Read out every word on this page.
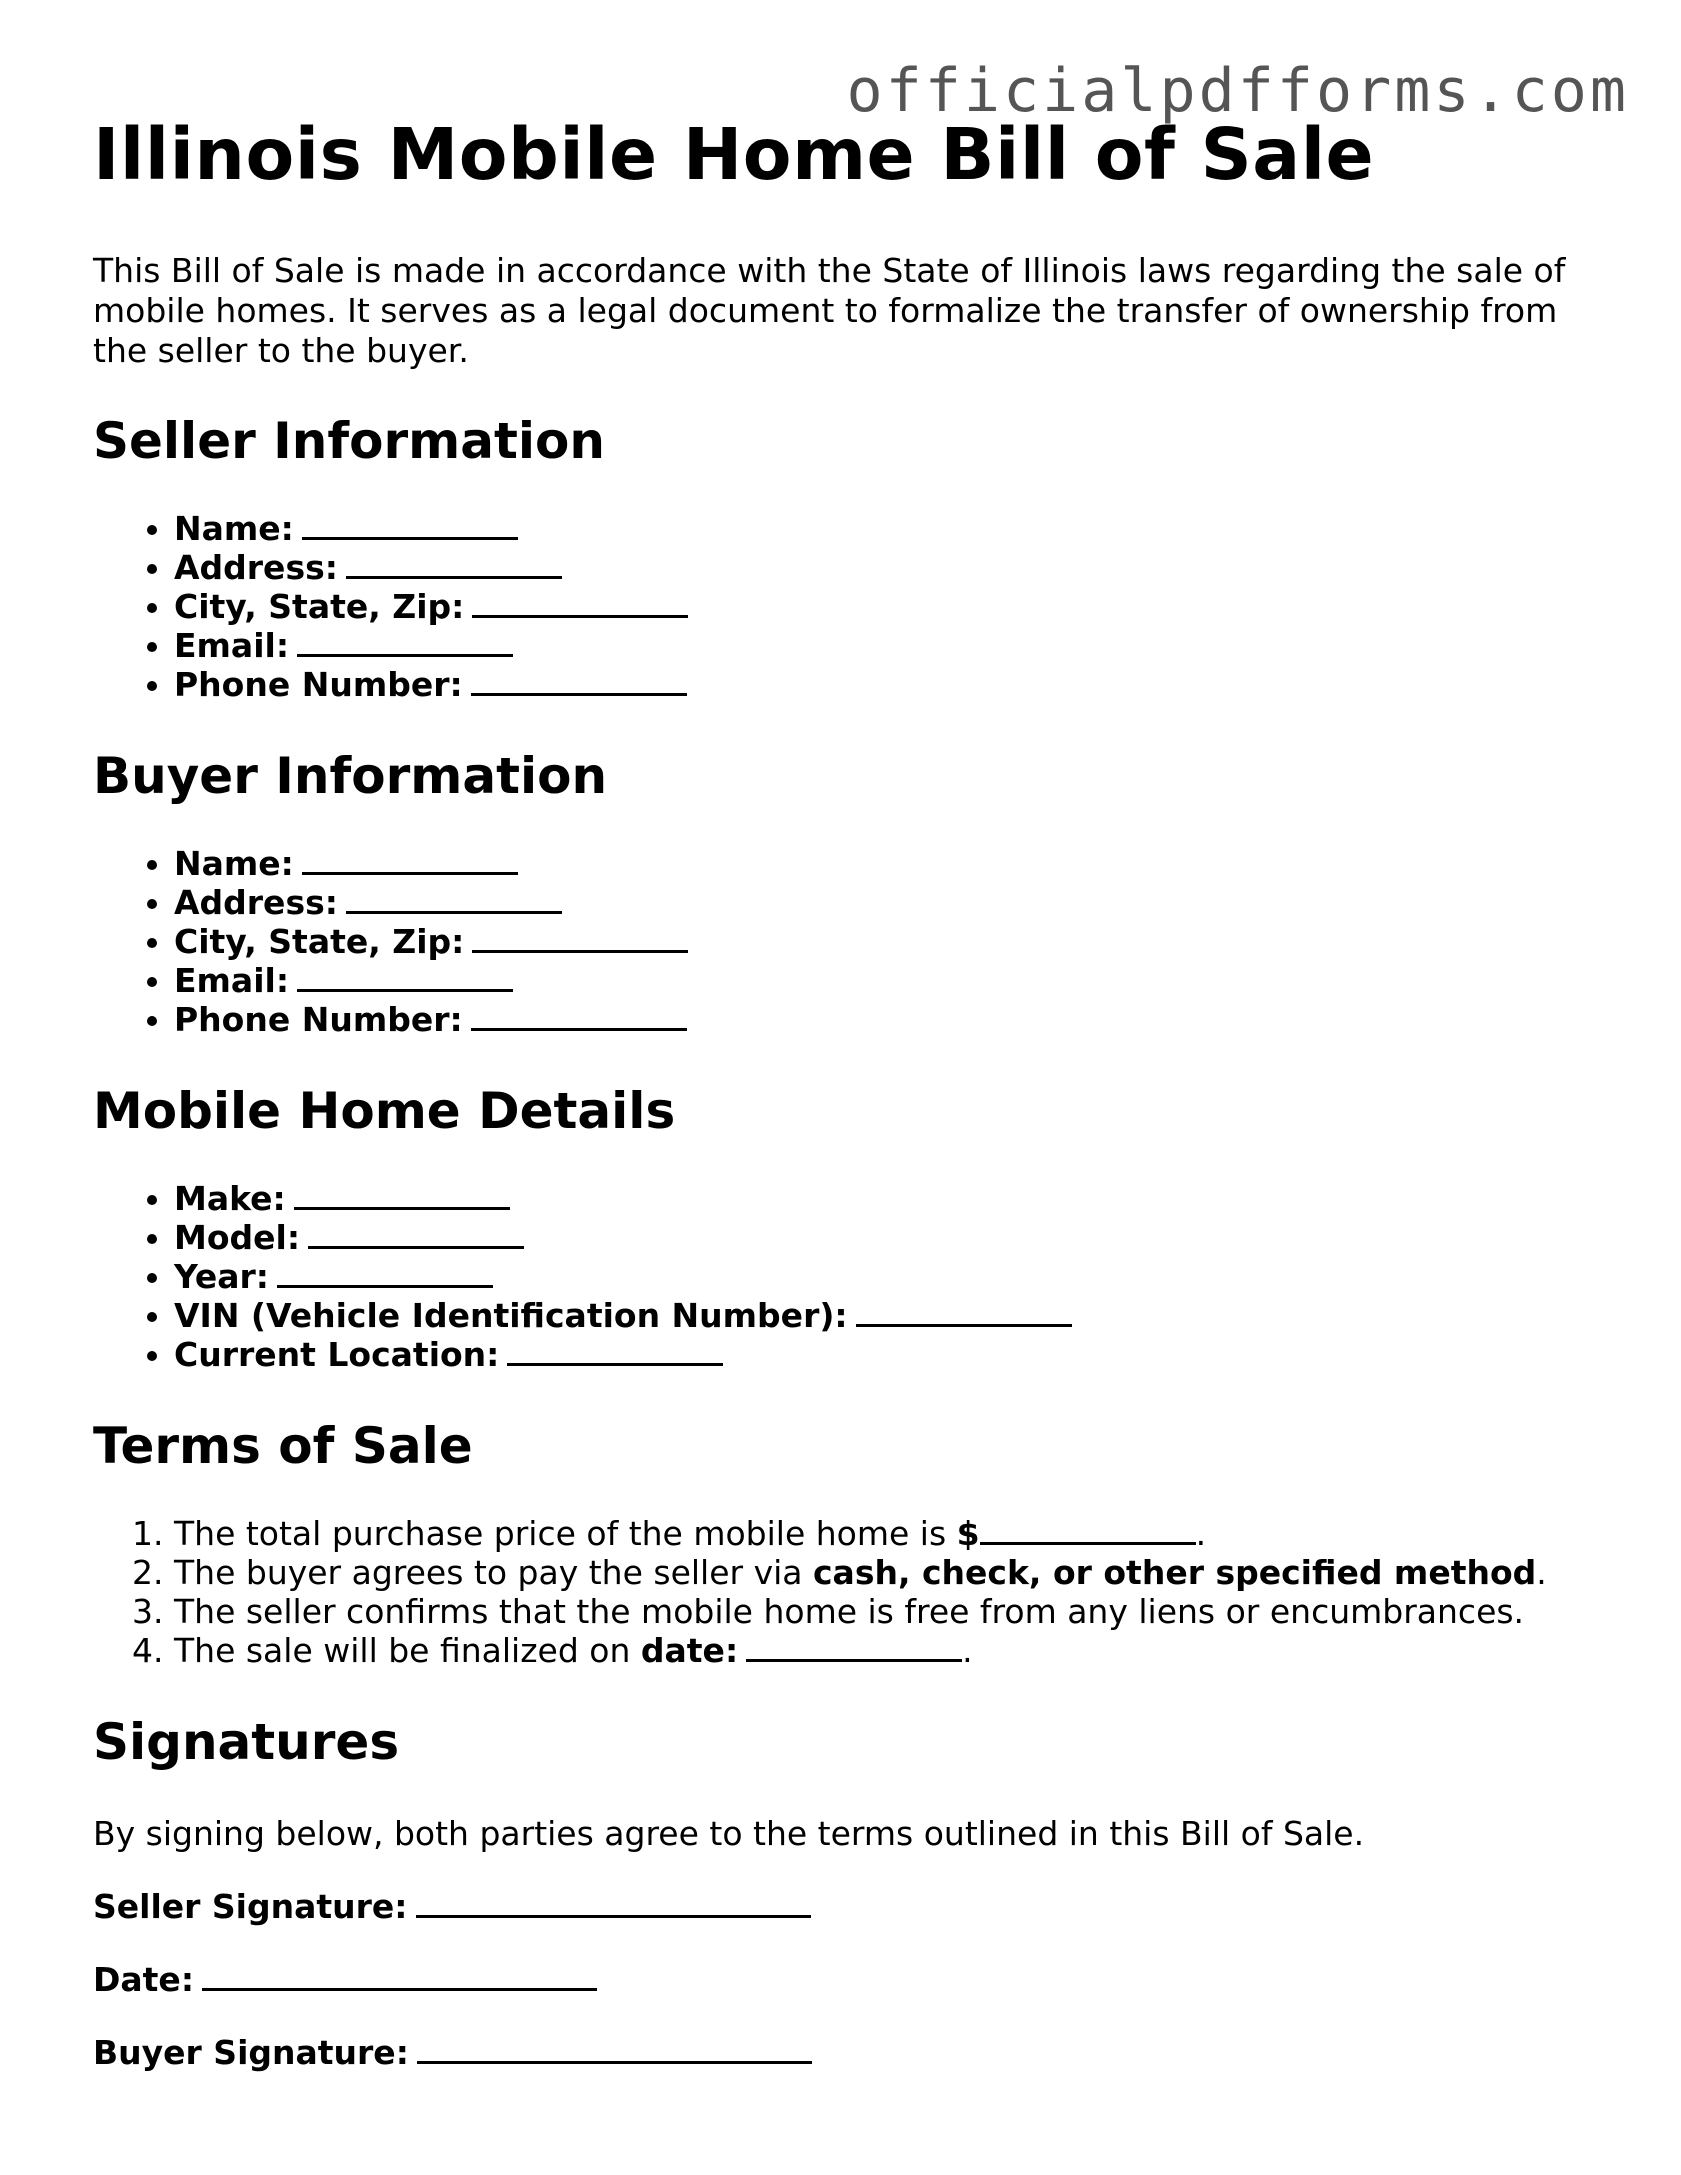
officialpdfforms.com
Illinois Mobile Home Bill of Sale

This Bill of Sale is made in accordance with the State of Illinois laws regarding the sale of mobile homes. It serves as a legal document to formalize the transfer of ownership from the seller to the buyer.

Seller Information
• Name:
• Address:
• City, State, Zip:
• Email:
• Phone Number:
Buyer Information
• Name:
• Address:
• City, State, Zip:
• Email:
• Phone Number:
Mobile Home Details
• Make:
• Model:
• Year:
• VIN (Vehicle Identification Number):
• Current Location:
Terms of Sale
1. The total purchase price of the mobile home is $	.
2. The buyer agrees to pay the seller via cash, check, or other specified method.
3. The seller confirms that the mobile home is free from any liens or encumbrances.
4. The sale will be finalized on date:	.
Signatures

By signing below, both parties agree to the terms outlined in this Bill of Sale.

Seller Signature:

Date:

Buyer Signature:
